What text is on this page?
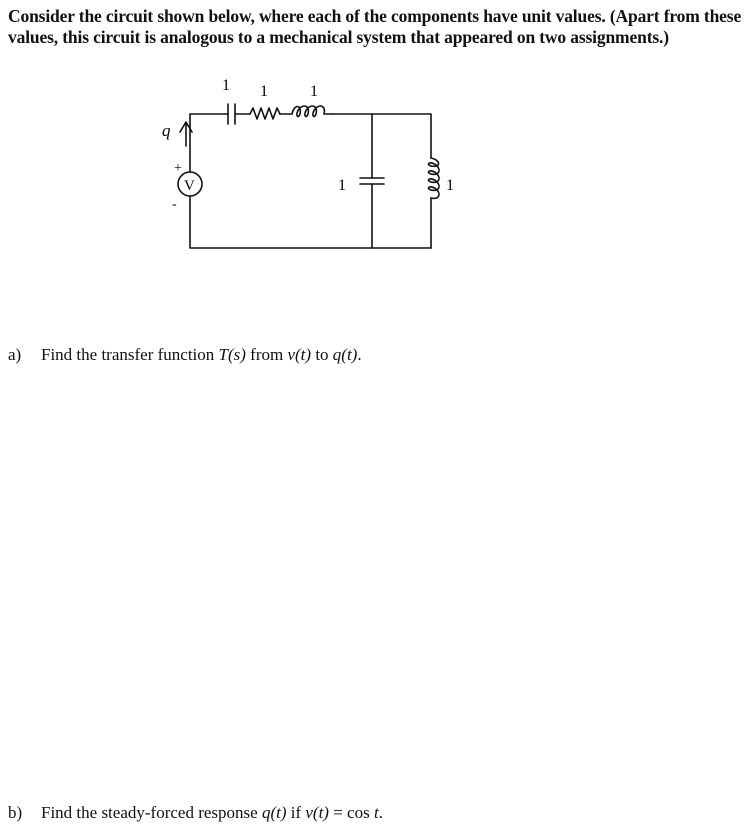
Consider the circuit shown below, where each of the components have unit values. (Apart from these values, this circuit is analogous to a mechanical system that appeared on two assignments.)
V
q
+
-
1 1	1
1	1
a) Find the transfer function T(s) from v(t) to q(t).
b) Find the steady-forced response q(t) if v(t) = cos t.
